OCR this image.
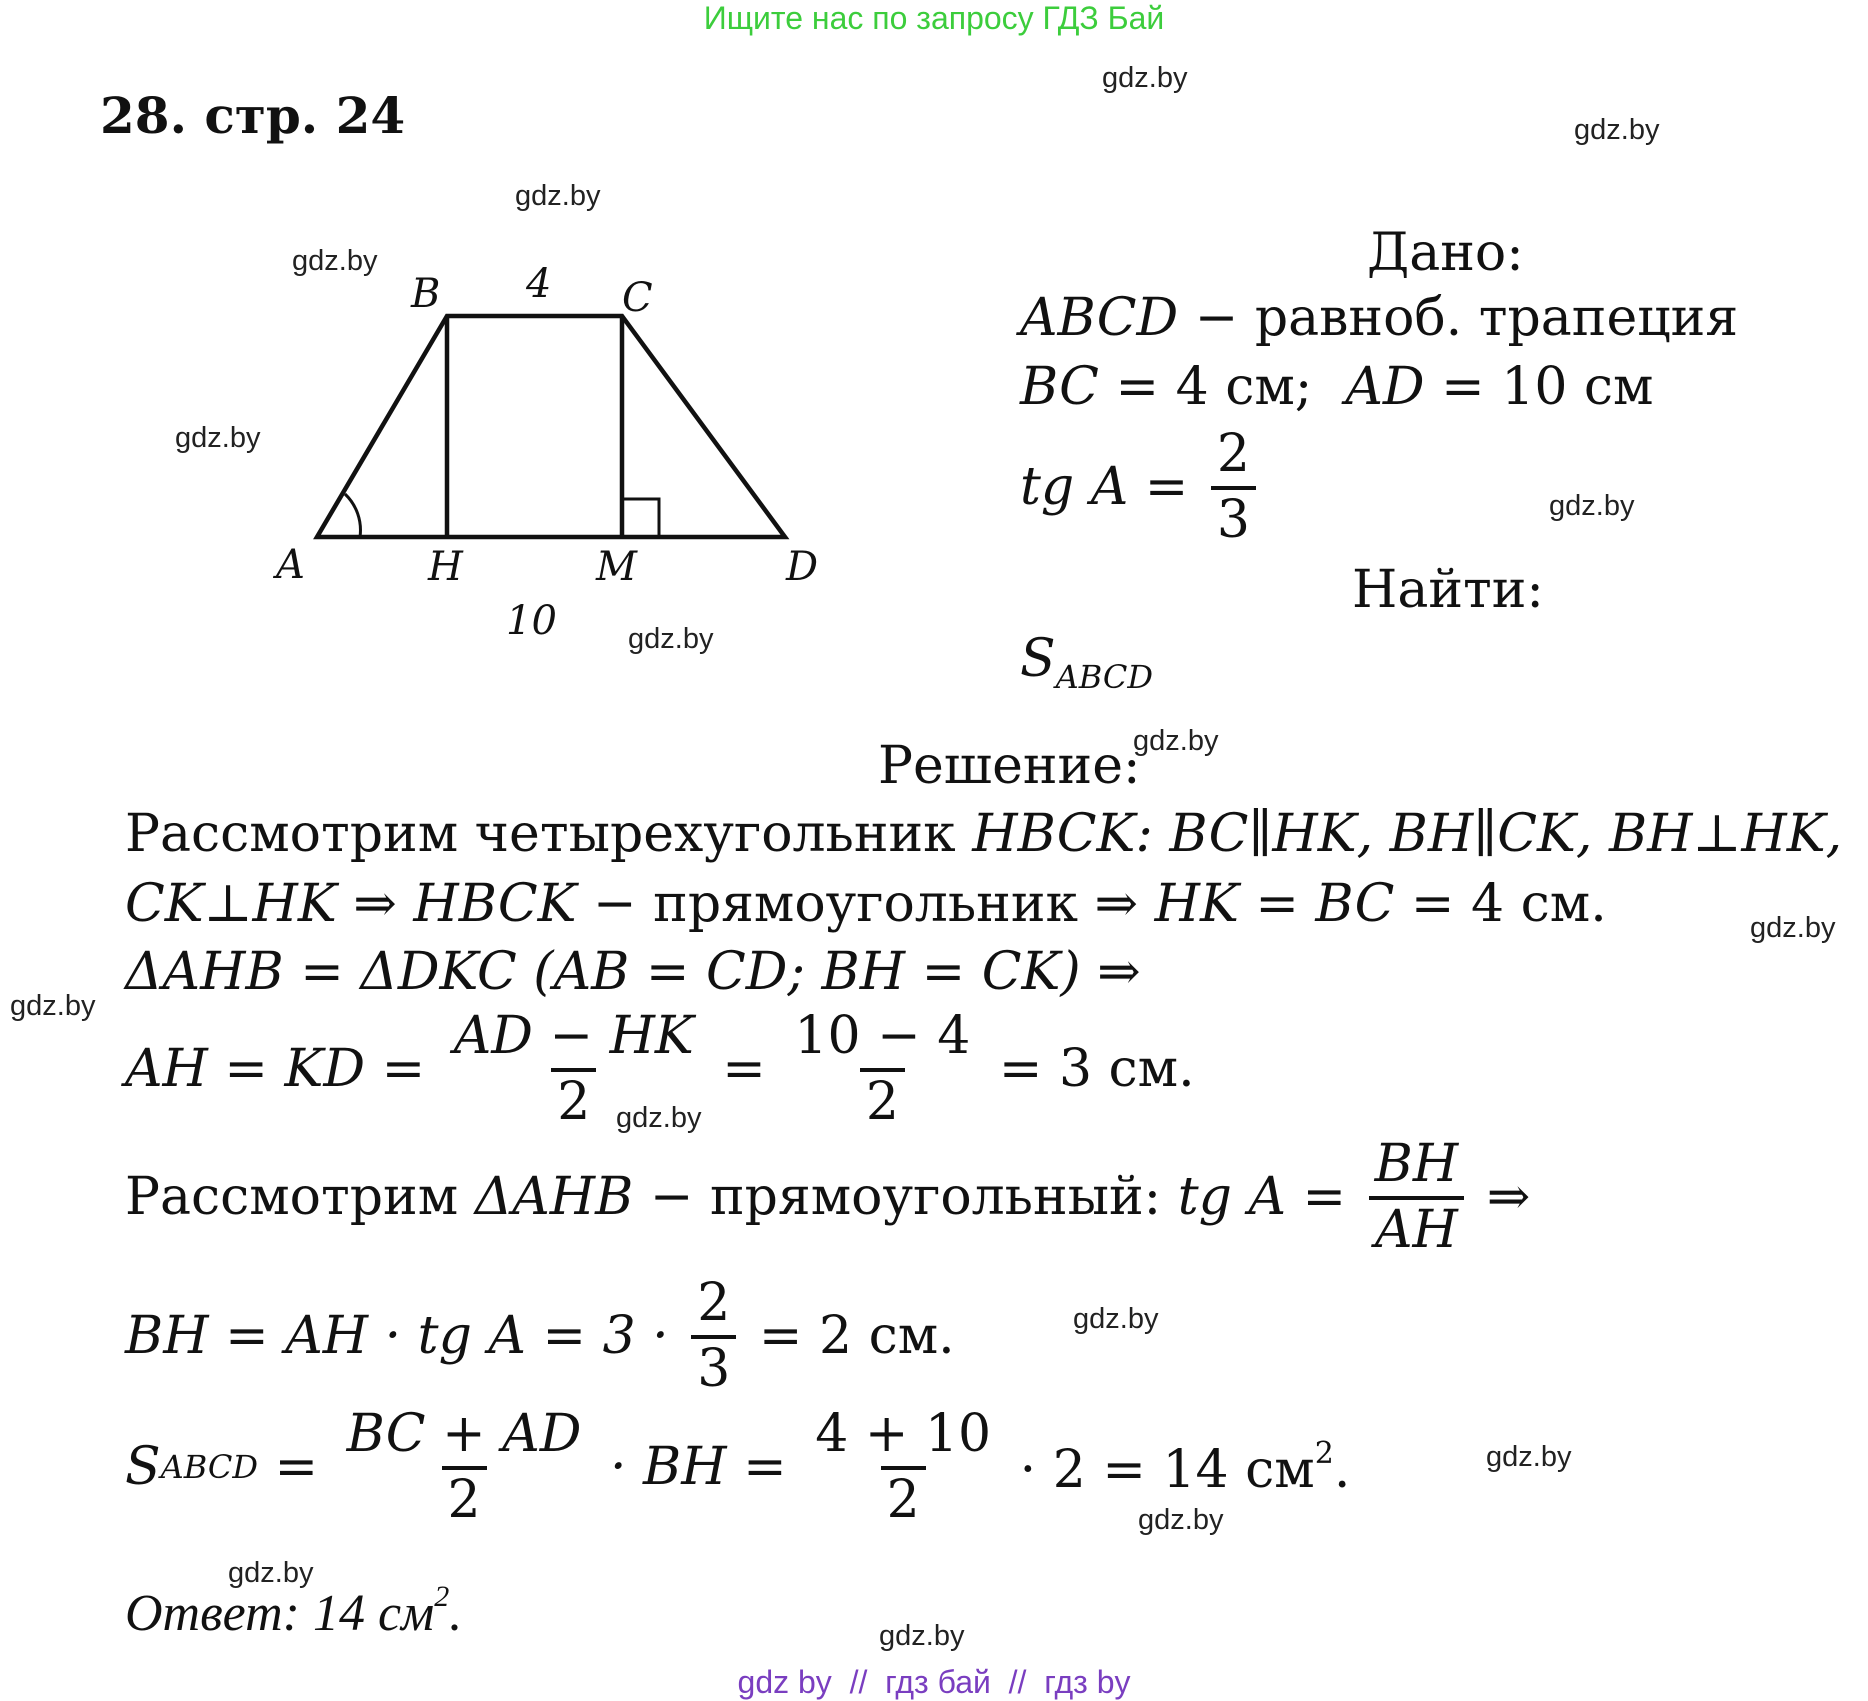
Ищите нас по запросу ГДЗ Бай
28. стр. 24
gdz.by
gdz.by
gdz.by
gdz.by
gdz.by
gdz.by
gdz.by
gdz.by
gdz.by
gdz.by
gdz.by
gdz.by
gdz.by
gdz.by
gdz.by
gdz.by
B 4 C
A	H	M	D
10
Дано:
ABCD − равноб. трапеция
BC = 4 см;  AD = 10 см
tg $A = \frac{2}{3}$
Найти:
$S_{ABCD}$
Решение:
Рассмотрим четырехугольник HBCK: BC∥HK, BH∥CK, BH⊥HK,
CK⊥HK ⇒ HBCK − прямоугольник ⇒ HK = BC = 4 см.
ΔAHB = ΔDKC (AB = CD; BH = CK) ⇒
AH = KD = $\frac{AD - HK}{2} = \frac{10 - 4}{2} = 3$ см.
Рассмотрим ΔAHB − прямоугольный: tg $A = \frac{BH}{AH}$ ⇒
BH = AH · tg $A = 3 \cdot \frac{2}{3} = 2$ см.
S ABCD = $\frac{BC + AD}{2}$ · BH = $\frac{4 + 10}{2} \cdot 2 = 14$ $см^2$.
Ответ: 14 $см^2$.
gdz by  //  гдз бай  //  гдз by
